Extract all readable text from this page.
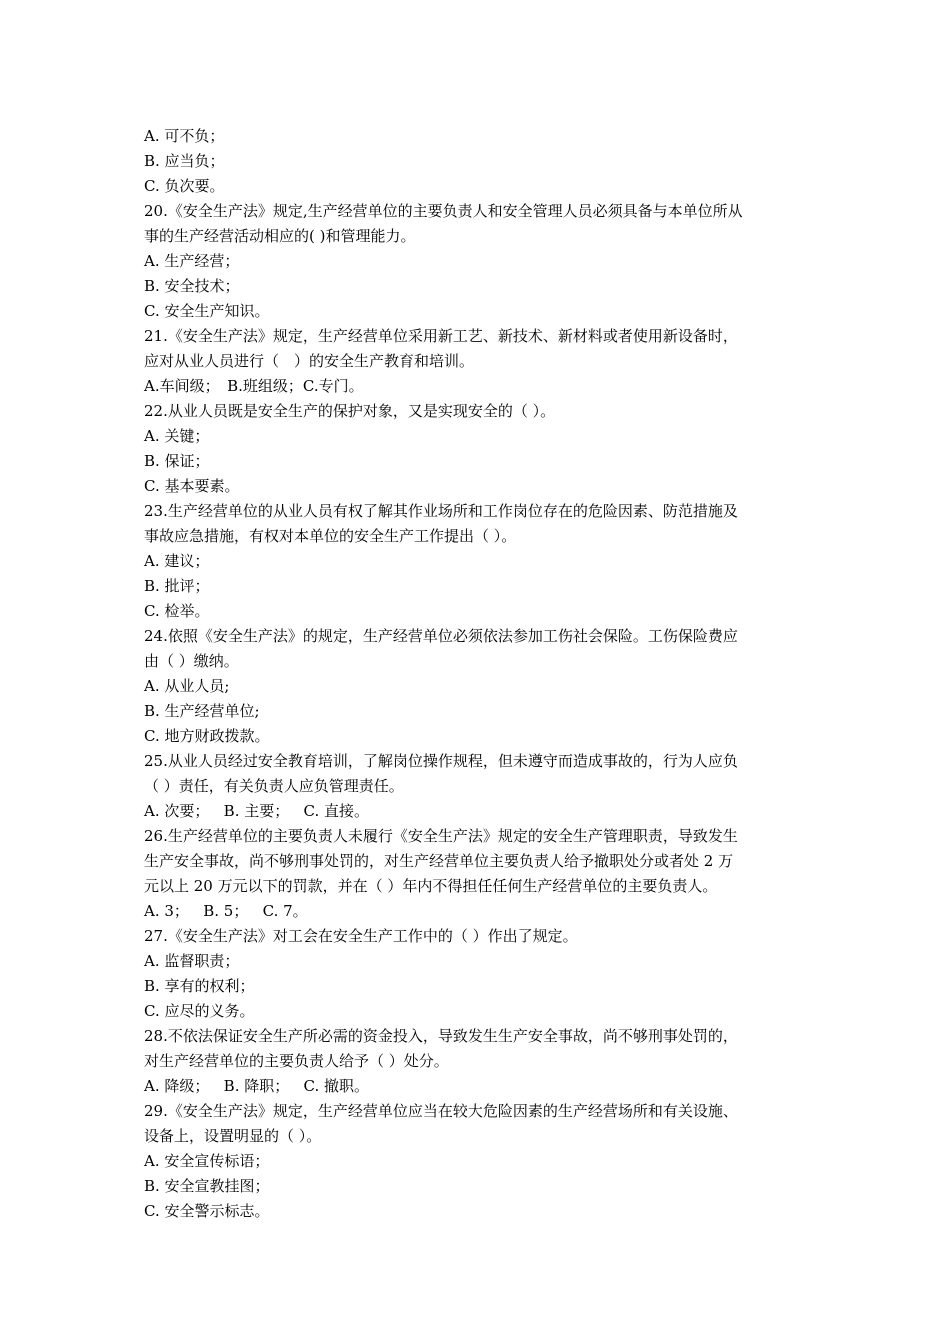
A. 可不负；
B. 应当负；
C. 负次要。
20.《安全生产法》规定,生产经营单位的主要负责人和安全管理人员必须具备与本单位所从
事的生产经营活动相应的( )和管理能力。
A. 生产经营；
B. 安全技术；
C. 安全生产知识。
21.《安全生产法》规定，生产经营单位采用新工艺、新技术、新材料或者使用新设备时，
应对从业人员进行（　）的安全生产教育和培训。
A.车间级；　B.班组级；C.专门。
22.从业人员既是安全生产的保护对象，又是实现安全的（ ）。
A. 关键；
B. 保证；
C. 基本要素。
23.生产经营单位的从业人员有权了解其作业场所和工作岗位存在的危险因素、防范措施及
事故应急措施，有权对本单位的安全生产工作提出（ ）。
A. 建议；
B. 批评；
C. 检举。
24.依照《安全生产法》的规定，生产经营单位必须依法参加工伤社会保险。工伤保险费应
由（ ）缴纳。
A. 从业人员;
B. 生产经营单位;
C. 地方财政拨款。
25.从业人员经过安全教育培训，了解岗位操作规程，但未遵守而造成事故的，行为人应负
（ ）责任，有关负责人应负管理责任。
A. 次要；   B. 主要；   C. 直接。
26.生产经营单位的主要负责人未履行《安全生产法》规定的安全生产管理职责，导致发生
生产安全事故，尚不够刑事处罚的，对生产经营单位主要负责人给予撤职处分或者处 2 万
元以上 20 万元以下的罚款，并在（ ）年内不得担任任何生产经营单位的主要负责人。
A. 3；   B. 5；   C. 7。
27.《安全生产法》对工会在安全生产工作中的（ ）作出了规定。
A. 监督职责；
B. 享有的权利；
C. 应尽的义务。
28.不依法保证安全生产所必需的资金投入，导致发生生产安全事故，尚不够刑事处罚的，
对生产经营单位的主要负责人给予（ ）处分。
A. 降级；   B. 降职；   C. 撤职。
29.《安全生产法》规定，生产经营单位应当在较大危险因素的生产经营场所和有关设施、
设备上，设置明显的（ ）。
A. 安全宣传标语；
B. 安全宣教挂图；
C. 安全警示标志。
